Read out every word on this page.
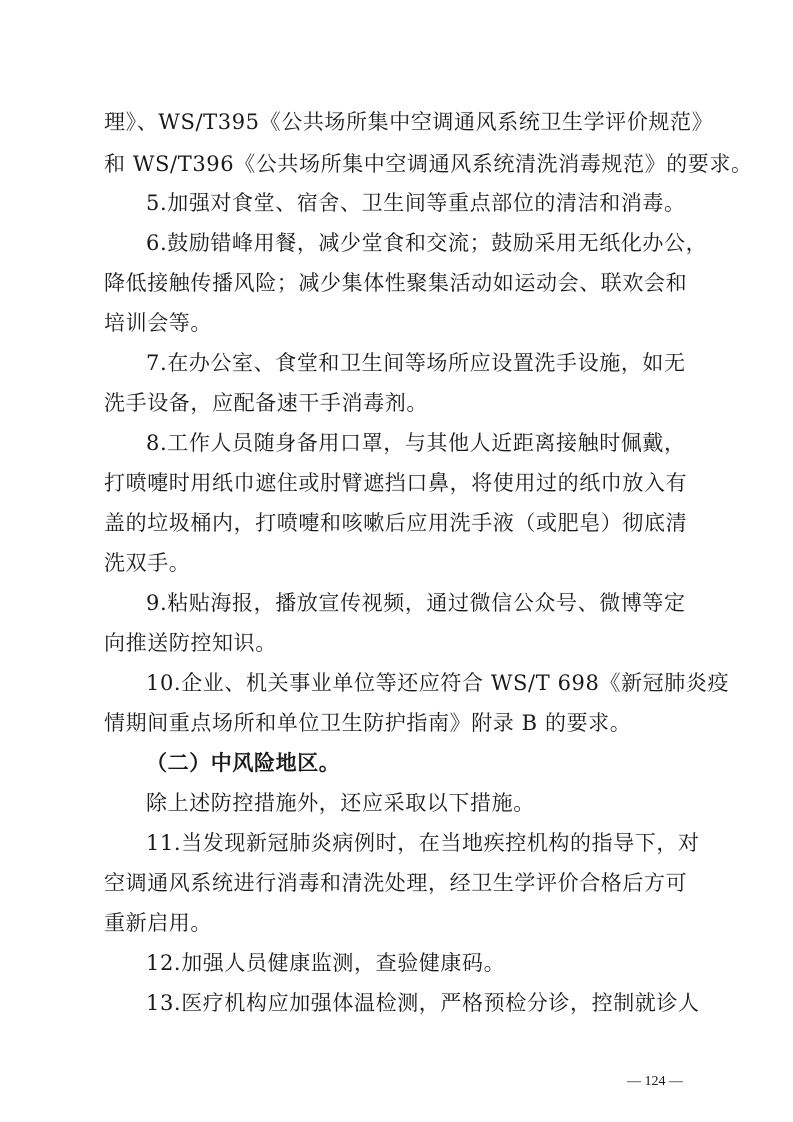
理》、WS/T395《公共场所集中空调通风系统卫生学评价规范》
和 WS/T396《公共场所集中空调通风系统清洗消毒规范》的要求。
5.加强对食堂、宿舍、卫生间等重点部位的清洁和消毒。
6.鼓励错峰用餐，减少堂食和交流；鼓励采用无纸化办公，
降低接触传播风险；减少集体性聚集活动如运动会、联欢会和
培训会等。
7.在办公室、食堂和卫生间等场所应设置洗手设施，如无
洗手设备，应配备速干手消毒剂。
8.工作人员随身备用口罩，与其他人近距离接触时佩戴，
打喷嚏时用纸巾遮住或肘臂遮挡口鼻，将使用过的纸巾放入有
盖的垃圾桶内，打喷嚏和咳嗽后应用洗手液（或肥皂）彻底清
洗双手。
9.粘贴海报，播放宣传视频，通过微信公众号、微博等定
向推送防控知识。
10.企业、机关事业单位等还应符合 WS/T 698《新冠肺炎疫
情期间重点场所和单位卫生防护指南》附录 B 的要求。
（二）中风险地区。
除上述防控措施外，还应采取以下措施。
11.当发现新冠肺炎病例时，在当地疾控机构的指导下，对
空调通风系统进行消毒和清洗处理，经卫生学评价合格后方可
重新启用。
12.加强人员健康监测，查验健康码。
13.医疗机构应加强体温检测，严格预检分诊，控制就诊人
— 124 —
